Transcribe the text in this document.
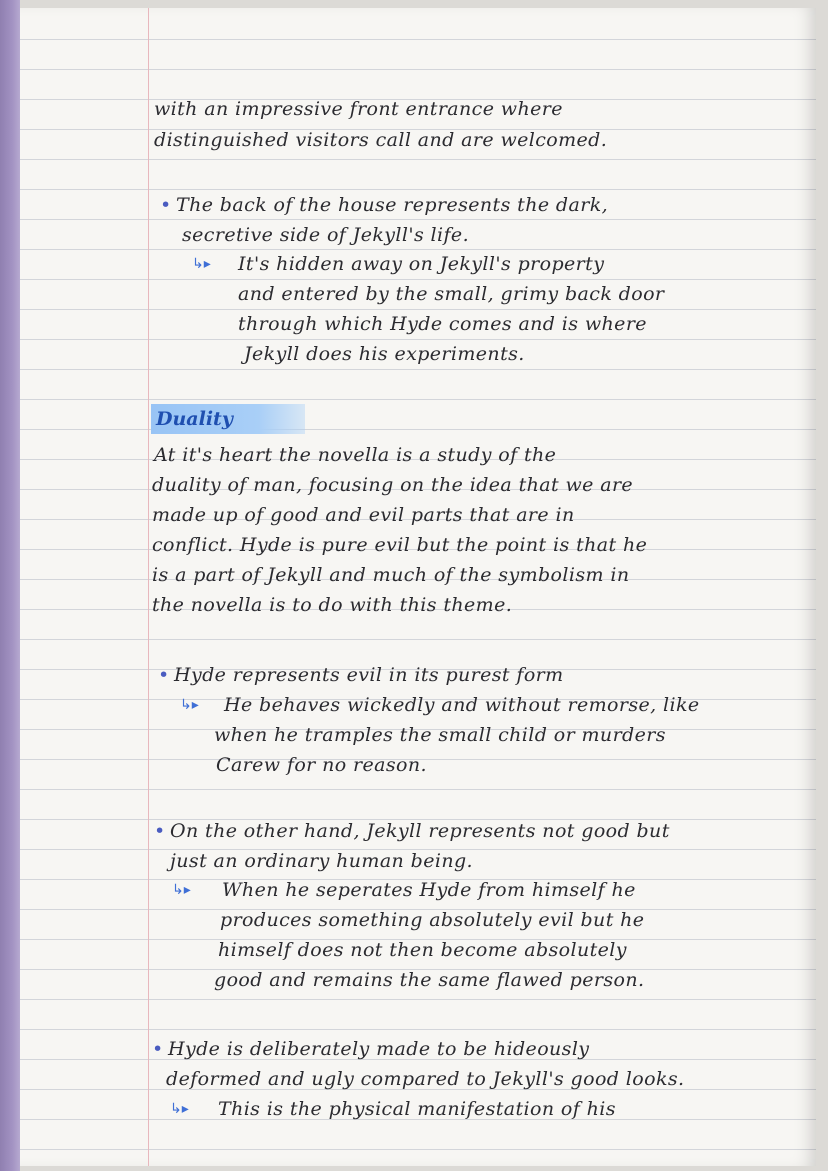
with an impressive front entrance where

distinguished visitors call and are welcomed.

• The back of the house represents the dark,

secretive side of Jekyll's life.

↳▸ It's hidden away on Jekyll's property

and entered by the small, grimy back door

through which Hyde comes and is where

Jekyll does his experiments.

Duality

At it's heart the novella is a study of the

duality of man, focusing on the idea that we are

made up of good and evil parts that are in

conflict. Hyde is pure evil but the point is that he

is a part of Jekyll and much of the symbolism in

the novella is to do with this theme.

• Hyde represents evil in its purest form

↳▸ He behaves wickedly and without remorse, like

when he tramples the small child or murders

Carew for no reason.

• On the other hand, Jekyll represents not good but

just an ordinary human being.

↳▸ When he seperates Hyde from himself he

produces something absolutely evil but he

himself does not then become absolutely

good and remains the same flawed person.

• Hyde is deliberately made to be hideously

deformed and ugly compared to Jekyll's good looks.

↳▸ This is the physical manifestation of his
